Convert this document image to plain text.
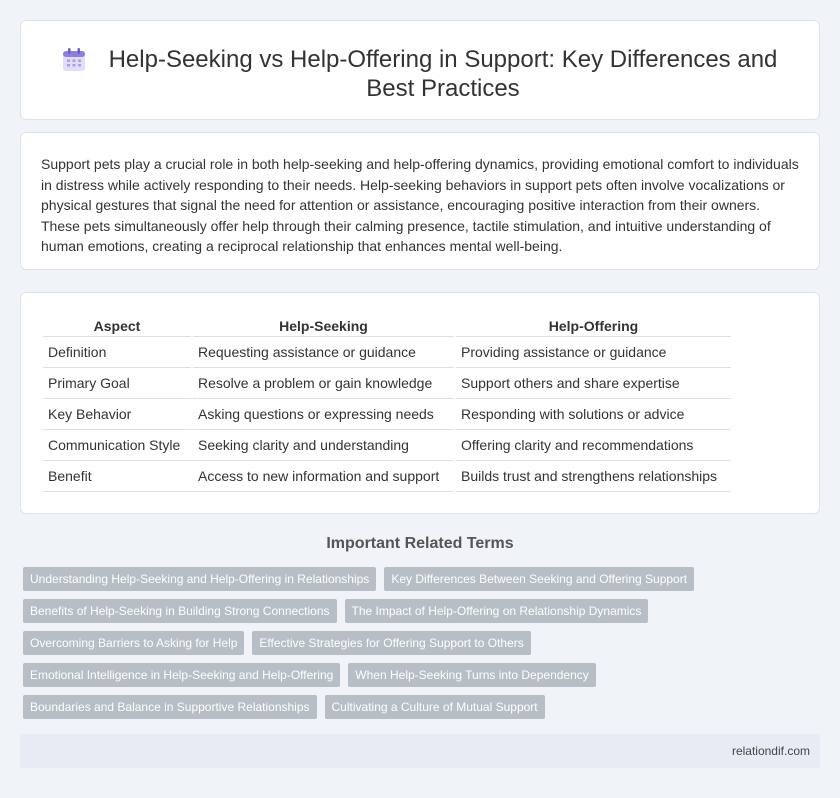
Help-Seeking vs Help-Offering in Support: Key Differences and Best Practices

Support pets play a crucial role in both help-seeking and help-offering dynamics, providing emotional comfort to individuals in distress while actively responding to their needs. Help-seeking behaviors in support pets often involve vocalizations or physical gestures that signal the need for attention or assistance, encouraging positive interaction from their owners. These pets simultaneously offer help through their calming presence, tactile stimulation, and intuitive understanding of human emotions, creating a reciprocal relationship that enhances mental well-being.

Aspect	Help-Seeking	Help-Offering
Definition	Requesting assistance or guidance	Providing assistance or guidance
Primary Goal	Resolve a problem or gain knowledge	Support others and share expertise
Key Behavior	Asking questions or expressing needs	Responding with solutions or advice
Communication Style	Seeking clarity and understanding	Offering clarity and recommendations
Benefit	Access to new information and support	Builds trust and strengthens relationships
Important Related Terms
Understanding Help-Seeking and Help-Offering in Relationships	Key Differences Between Seeking and Offering Support
Benefits of Help-Seeking in Building Strong Connections	The Impact of Help-Offering on Relationship Dynamics
Overcoming Barriers to Asking for Help	Effective Strategies for Offering Support to Others
Emotional Intelligence in Help-Seeking and Help-Offering	When Help-Seeking Turns into Dependency
Boundaries and Balance in Supportive Relationships	Cultivating a Culture of Mutual Support
relationdif.com
